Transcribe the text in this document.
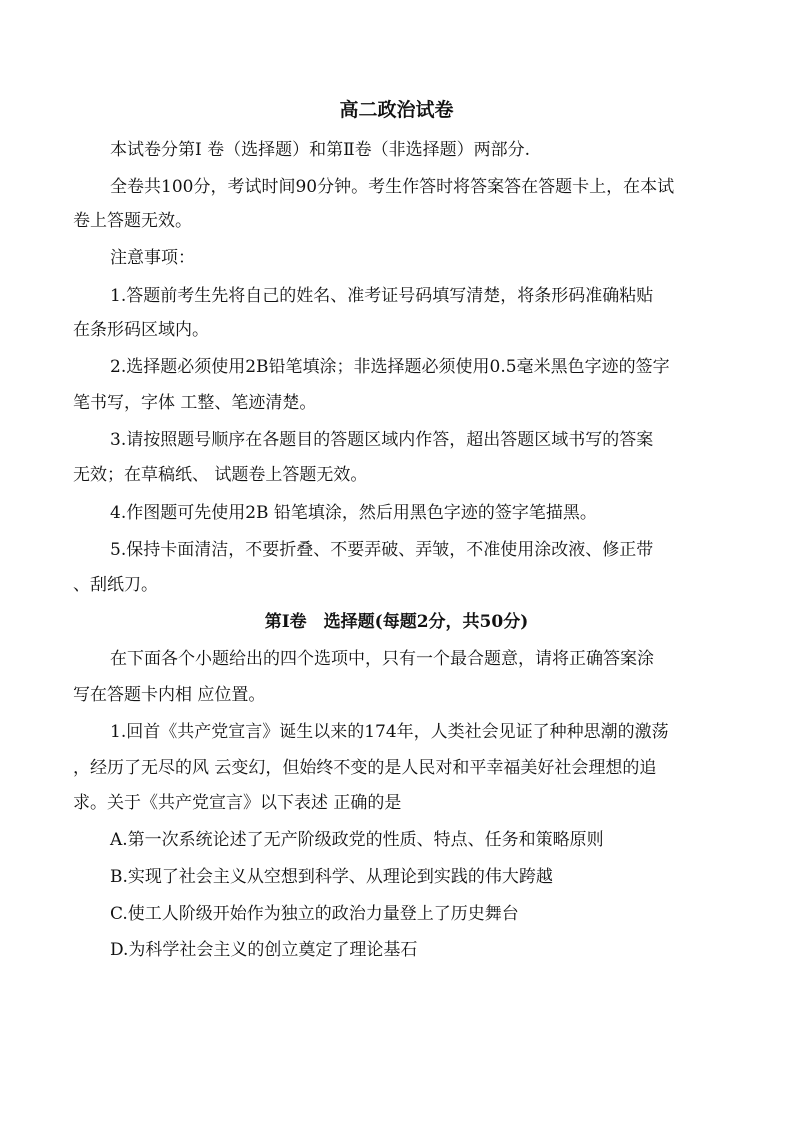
高二政治试卷
本试卷分第Ⅰ 卷（选择题）和第Ⅱ卷（非选择题）两部分.
全卷共100分，考试时间90分钟。考生作答时将答案答在答题卡上，在本试
卷上答题无效。
注意事项：
1.答题前考生先将自己的姓名、准考证号码填写清楚，将条形码准确粘贴
在条形码区域内。
2.选择题必须使用2B铅笔填涂；非选择题必须使用0.5毫米黑色字迹的签字
笔书写，字体 工整、笔迹清楚。
3.请按照题号顺序在各题目的答题区域内作答，超出答题区域书写的答案
无效；在草稿纸、 试题卷上答题无效。
4.作图题可先使用2B 铅笔填涂，然后用黑色字迹的签字笔描黑。
5.保持卡面清洁，不要折叠、不要弄破、弄皱，不准使用涂改液、修正带
、刮纸刀。
第Ⅰ卷　选择题(每题2分，共50分)
在下面各个小题给出的四个选项中，只有一个最合题意，请将正确答案涂
写在答题卡内相 应位置。
1.回首《共产党宣言》诞生以来的174年，人类社会见证了种种思潮的激荡
，经历了无尽的风 云变幻，但始终不变的是人民对和平幸福美好社会理想的追
求。关于《共产党宣言》以下表述 正确的是
A.第一次系统论述了无产阶级政党的性质、特点、任务和策略原则
B.实现了社会主义从空想到科学、从理论到实践的伟大跨越
C.使工人阶级开始作为独立的政治力量登上了历史舞台
D.为科学社会主义的创立奠定了理论基石
